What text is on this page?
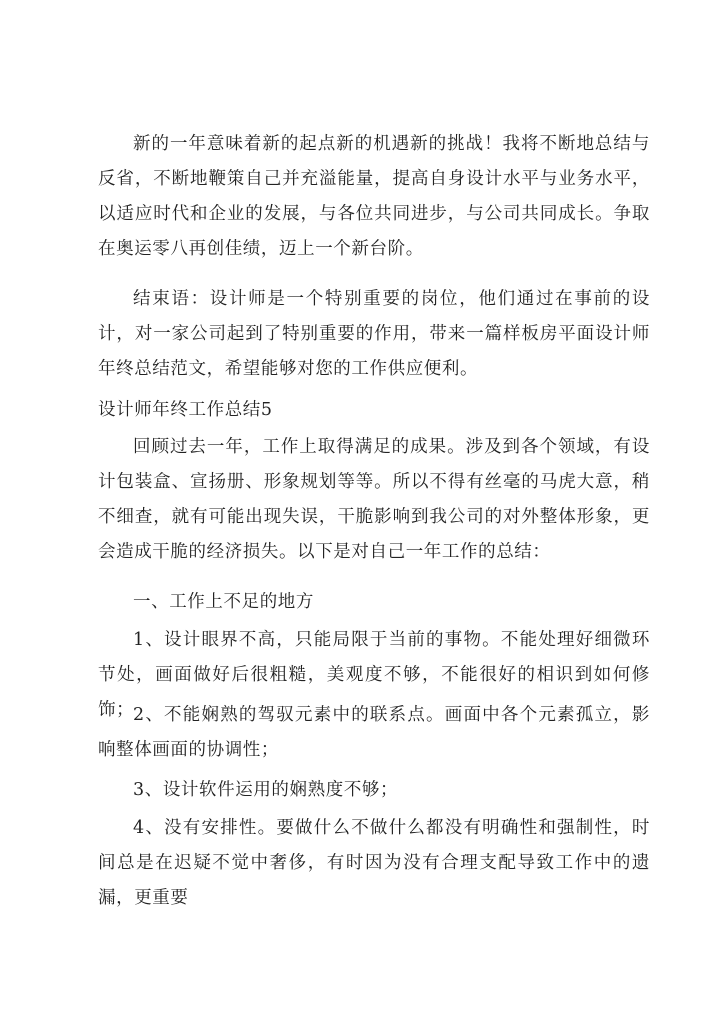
新的一年意味着新的起点新的机遇新的挑战！我将不断地总结与反省，不断地鞭策自己并充溢能量，提高自身设计水平与业务水平，以适应时代和企业的发展，与各位共同进步，与公司共同成长。争取在奥运零八再创佳绩，迈上一个新台阶。

结束语：设计师是一个特别重要的岗位，他们通过在事前的设计，对一家公司起到了特别重要的作用，带来一篇样板房平面设计师年终总结范文，希望能够对您的工作供应便利。

设计师年终工作总结5

回顾过去一年，工作上取得满足的成果。涉及到各个领域，有设计包装盒、宣扬册、形象规划等等。所以不得有丝毫的马虎大意，稍不细查，就有可能出现失误，干脆影响到我公司的对外整体形象，更会造成干脆的经济损失。以下是对自己一年工作的总结：

一、工作上不足的地方

1、设计眼界不高，只能局限于当前的事物。不能处理好细微环节处，画面做好后很粗糙，美观度不够，不能很好的相识到如何修饰；

2、不能娴熟的驾驭元素中的联系点。画面中各个元素孤立，影响整体画面的协调性；

3、设计软件运用的娴熟度不够；

4、没有安排性。要做什么不做什么都没有明确性和强制性，时间总是在迟疑不觉中奢侈，有时因为没有合理支配导致工作中的遗漏，更重要
